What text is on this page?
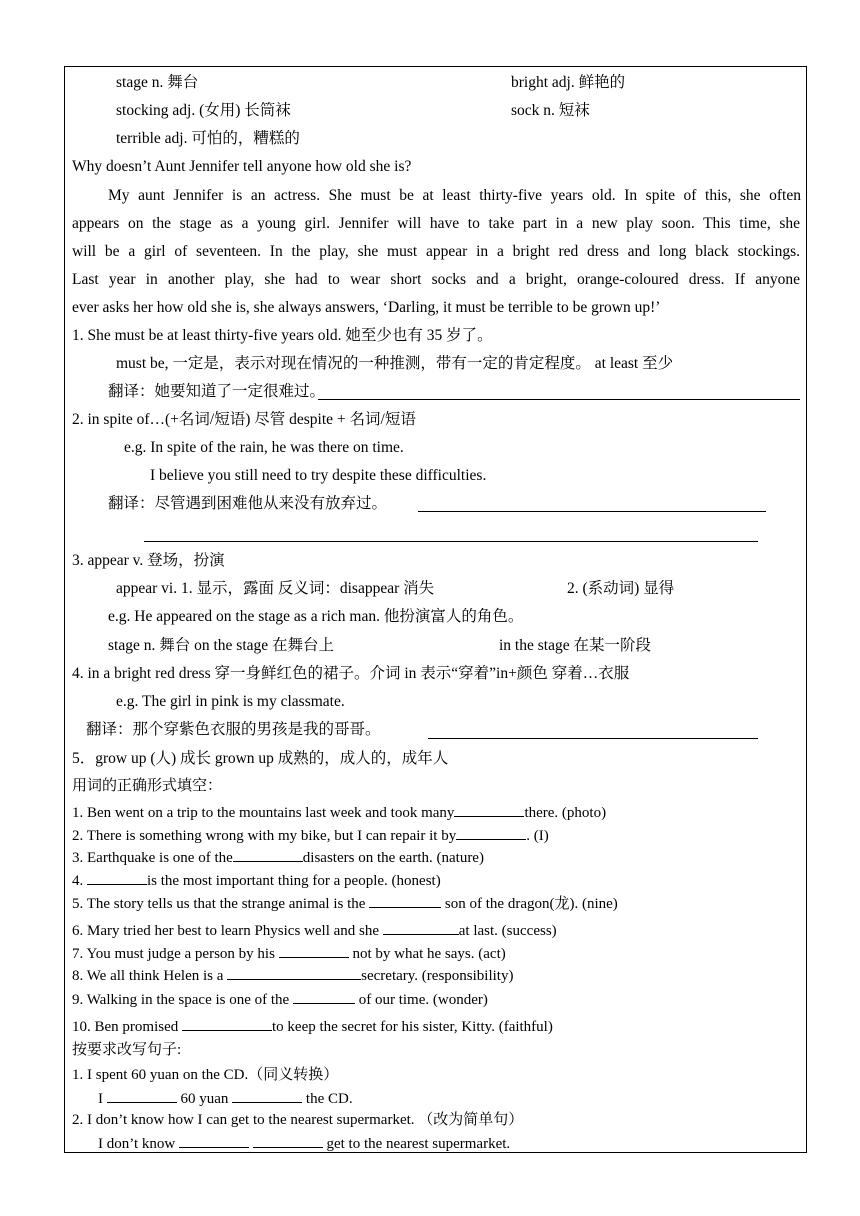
stage n. 舞台	bright adj. 鲜艳的
stocking adj. (女用) 长筒袜	sock n. 短袜
terrible adj. 可怕的，糟糕的
Why doesn’t Aunt Jennifer tell anyone how old she is?
My aunt Jennifer is an actress. She must be at least thirty-five years old. In spite of this, she often
appears on the stage as a young girl. Jennifer will have to take part in a new play soon. This time, she
will be a girl of seventeen. In the play, she must appear in a bright red dress and long black stockings.
Last year in another play, she had to wear short socks and a bright, orange-coloured dress. If anyone
ever asks her how old she is, she always answers, ‘Darling, it must be terrible to be grown up!’
1. She must be at least thirty-five years old. 她至少也有 35 岁了。
must be, 一定是，表示对现在情况的一种推测，带有一定的肯定程度。 at least 至少
翻译：她要知道了一定很难过。
2. in spite of…(+名词/短语) 尽管 despite + 名词/短语
e.g. In spite of the rain, he was there on time.
I believe you still need to try despite these difficulties.
翻译：尽管遇到困难他从来没有放弃过。
3. appear v. 登场，扮演
appear vi. 1. 显示，露面 反义词：disappear 消失	2. (系动词) 显得
e.g. He appeared on the stage as a rich man. 他扮演富人的角色。
stage n. 舞台 on the stage 在舞台上	in the stage 在某一阶段
4. in a bright red dress 穿一身鲜红色的裙子。介词 in 表示“穿着”in+颜色 穿着…衣服
e.g. The girl in pink is my classmate.
翻译：那个穿紫色衣服的男孩是我的哥哥。
5．grow up (人) 成长 grown up 成熟的，成人的，成年人
用词的正确形式填空：
1. Ben went on a trip to the mountains last week and took many	there. (photo)
2. There is something wrong with my bike, but I can repair it by	. (I)
3. Earthquake is one of the	disasters on the earth. (nature)
4.	is the most important thing for a people. (honest)
5. The story tells us that the strange animal is the	son of the dragon(龙). (nine)
6. Mary tried her best to learn Physics well and she	at last. (success)
7. You must judge a person by his	not by what he says. (act)
8. We all think Helen is a	secretary. (responsibility)
9. Walking in the space is one of the	of our time. (wonder)
10. Ben promised	to keep the secret for his sister, Kitty. (faithful)
按要求改写句子:
1. I spent 60 yuan on the CD.（同义转换）
I	60 yuan	the CD.
2. I don’t know how I can get to the nearest supermarket. （改为简单句）
I don’t know	get to the nearest supermarket.
